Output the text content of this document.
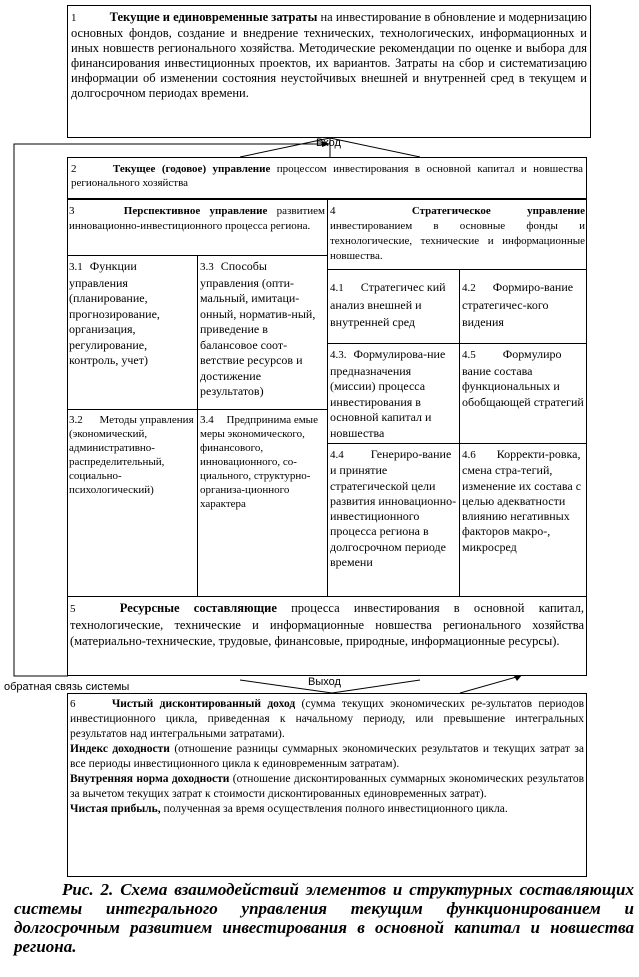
1	Текущие и единовременные затраты на инвестирование в обновление и модернизацию основных фондов, создание и внедрение технических, технологических, информационных и иных новшеств регионального хозяйства. Методические рекомендации по оценке и выбора для финансирования инвестиционных проектов, их вариантов. Затраты на сбор и систематизацию информации об изменении состояния неустойчивых внешней и внутренней сред в текущем и долгосрочном периодах времени.
Вход
2	Текущее (годовое) управление процессом инвестирования в основной капитал и новшества регионального хозяйства
3	Перспективное управление развитием инновационно-инвестиционного процесса региона.
4	Стратегическое управление инвестированием в основные фонды и технологические, технические и информационные новшества.
3.1 Функции управления (планирование, прогнозирование, организация, регулирование, контроль, учет)
3.3 Способы управления (опти-мальный, имитаци-онный, норматив-ный, приведение в балансовое соот-ветствие ресурсов и достижение результатов)
3.2 Методы управления (экономический, административно-распределительный, социально-психологический)
3.4 Предпринима емые меры экономического, финансового, инновационного, со-циального, структурно-организа-ционного характера
4.1 Стратегичес кий анализ внешней и внутренней сред
4.2 Формиро-вание стратегичес-кого видения
4.3. Формулирова-ние предназначения (миссии) процесса инвестирования в основной капитал и новшества
4.5 Формулиро вание состава функциональных и обобщающей стратегий
4.4 Генериро-вание и принятие стратегической цели развития инновационно-инвестиционного процесса региона в долгосрочном периоде времени
4.6 Корректи-ровка, смена стра-тегий, изменение их состава с целью адекватности влиянию негативных факторов макро-, микросред
5	Ресурсные составляющие процесса инвестирования в основной капитал, технологические, технические и информационные новшества регионального хозяйства (материально-технические, трудовые, финансовые, природные, информационные ресурсы).
Выход
обратная связь системы
6	Чистый дисконтированный доход (сумма текущих экономических ре-зультатов периодов инвестиционного цикла, приведенная к начальному периоду, или превышение интегральных результатов над интегральными затратами).
Индекс доходности (отношение разницы суммарных экономических результатов и текущих затрат за все периоды инвестиционного цикла к единовременным затратам).
Внутренняя норма доходности (отношение дисконтированных суммарных экономических результатов за вычетом текущих затрат к стоимости дисконтированных единовременных затрат).
Чистая прибыль, полученная за время осуществления полного инвестиционного цикла.
Рис. 2. Схема взаимодействий элементов и структурных составляющих системы интегрального управления текущим функционированием и долгосрочным развитием инвестирования в основной капитал и новшества региона.
